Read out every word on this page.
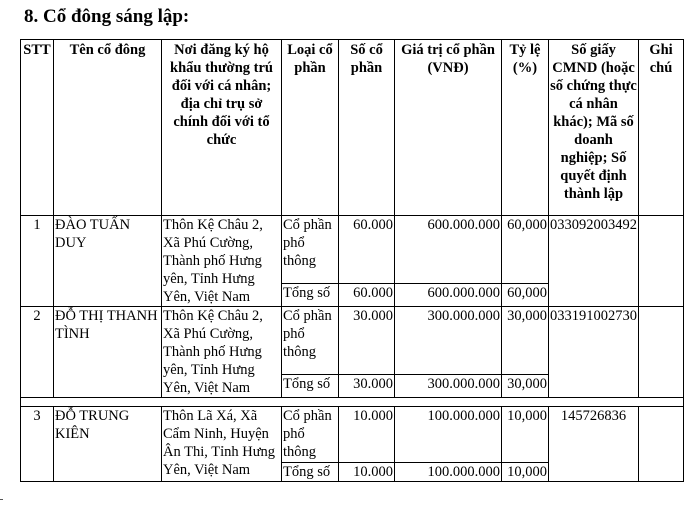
8. Cổ đông sáng lập:
STT	Tên cổ đông	Nơi đăng ký hộ khẩu thường trú đối với cá nhân; địa chỉ trụ sở chính đối với tổ chức	Loại cổ phần	Số cổ phần	Giá trị cổ phần (VNĐ)	Tỷ lệ (%)	Số giấy CMND (hoặc số chứng thực cá nhân khác); Mã số doanh nghiệp; Số quyết định thành lập	Ghi chú
1	ĐÀO TUẤN DUY	Thôn Kệ Châu 2, Xã Phú Cường, Thành phố Hưng yên, Tỉnh Hưng Yên, Việt Nam	Cổ phần phổ thông	60.000	600.000.000	60,000	033092003492	
			Tổng số	60.000	600.000.000	60,000		
2	ĐỖ THỊ THANH TÌNH	Thôn Kệ Châu 2, Xã Phú Cường, Thành phố Hưng yên, Tỉnh Hưng Yên, Việt Nam	Cổ phần phổ thông	30.000	300.000.000	30,000	033191002730	
			Tổng số	30.000	300.000.000	30,000		

3	ĐỖ TRUNG KIÊN	Thôn Lã Xá, Xã Cẩm Ninh, Huyện Ân Thi, Tỉnh Hưng Yên, Việt Nam	Cổ phần phổ thông	10.000	100.000.000	10,000	145726836	
			Tổng số	10.000	100.000.000	10,000		
